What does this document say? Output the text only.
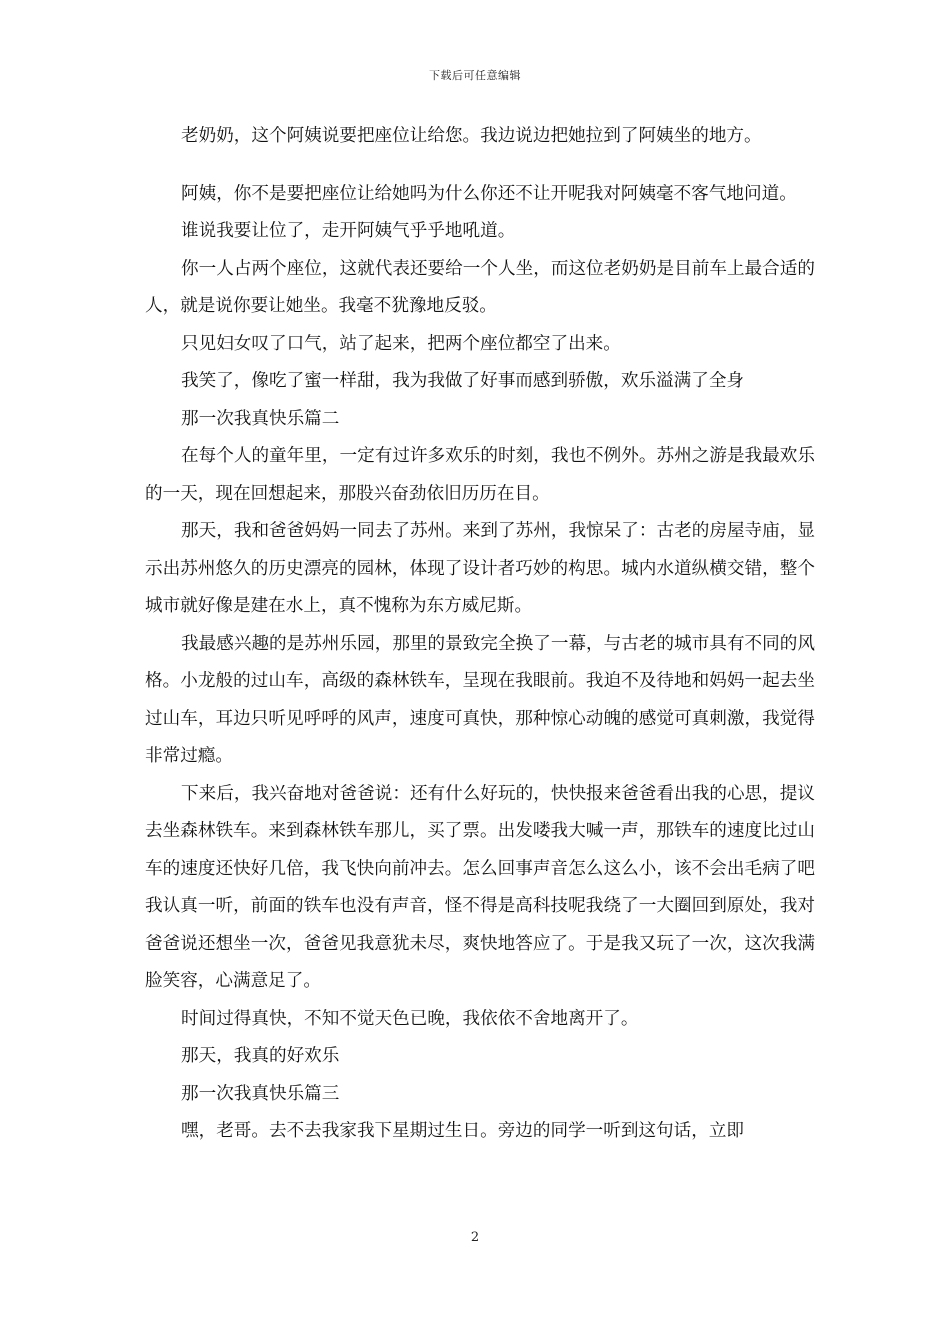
下载后可任意编辑

老奶奶，这个阿姨说要把座位让给您。我边说边把她拉到了阿姨坐的地方。

阿姨，你不是要把座位让给她吗为什么你还不让开呢我对阿姨毫不客气地问道。

谁说我要让位了，走开阿姨气乎乎地吼道。

你一人占两个座位，这就代表还要给一个人坐，而这位老奶奶是目前车上最合适的人，就是说你要让她坐。我毫不犹豫地反驳。

只见妇女叹了口气，站了起来，把两个座位都空了出来。

我笑了，像吃了蜜一样甜，我为我做了好事而感到骄傲，欢乐溢满了全身

那一次我真快乐篇二

在每个人的童年里，一定有过许多欢乐的时刻，我也不例外。苏州之游是我最欢乐的一天，现在回想起来，那股兴奋劲依旧历历在目。

那天，我和爸爸妈妈一同去了苏州。来到了苏州，我惊呆了：古老的房屋寺庙，显示出苏州悠久的历史漂亮的园林，体现了设计者巧妙的构思。城内水道纵横交错，整个城市就好像是建在水上，真不愧称为东方威尼斯。

我最感兴趣的是苏州乐园，那里的景致完全换了一幕，与古老的城市具有不同的风格。小龙般的过山车，高级的森林铁车，呈现在我眼前。我迫不及待地和妈妈一起去坐过山车，耳边只听见呼呼的风声，速度可真快，那种惊心动魄的感觉可真刺激，我觉得非常过瘾。

下来后，我兴奋地对爸爸说：还有什么好玩的，快快报来爸爸看出我的心思，提议去坐森林铁车。来到森林铁车那儿，买了票。出发喽我大喊一声，那铁车的速度比过山车的速度还快好几倍，我飞快向前冲去。怎么回事声音怎么这么小，该不会出毛病了吧我认真一听，前面的铁车也没有声音，怪不得是高科技呢我绕了一大圈回到原处，我对爸爸说还想坐一次，爸爸见我意犹未尽，爽快地答应了。于是我又玩了一次，这次我满脸笑容，心满意足了。

时间过得真快，不知不觉天色已晚，我依依不舍地离开了。

那天，我真的好欢乐

那一次我真快乐篇三

嘿，老哥。去不去我家我下星期过生日。旁边的同学一听到这句话，立即

2
